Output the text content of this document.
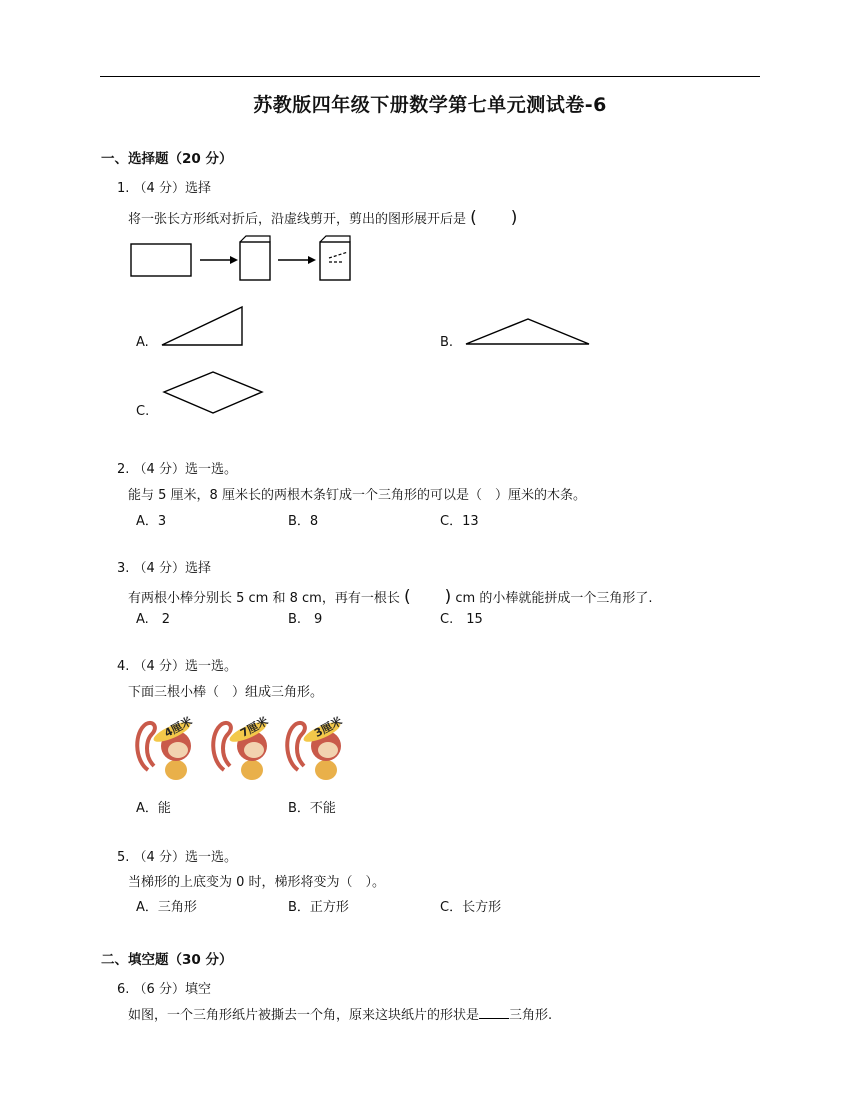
苏教版四年级下册数学第七单元测试卷-6
一、选择题（20 分）
1. （4 分）选择
将一张长方形纸对折后，沿虚线剪开，剪出的图形展开后是 (　　)
A.	B.
C.
2. （4 分）选一选。
能与 5 厘米，8 厘米长的两根木条钉成一个三角形的可以是（　）厘米的木条。
A．3	B．8	C．13
3. （4 分）选择
有两根小棒分别长 5 cm 和 8 cm，再有一根长 (　　) cm 的小棒就能拼成一个三角形了.
A.　2	B.　9	C.　15
4. （4 分）选一选。
下面三根小棒（　）组成三角形。
4厘米	7厘米	3厘米
A．能	B．不能
5. （4 分）选一选。
当梯形的上底变为 0 时，梯形将变为（　）。
A．三角形	B．正方形	C．长方形
二、填空题（30 分）
6. （6 分）填空
如图，一个三角形纸片被撕去一个角，原来这块纸片的形状是 三角形.
